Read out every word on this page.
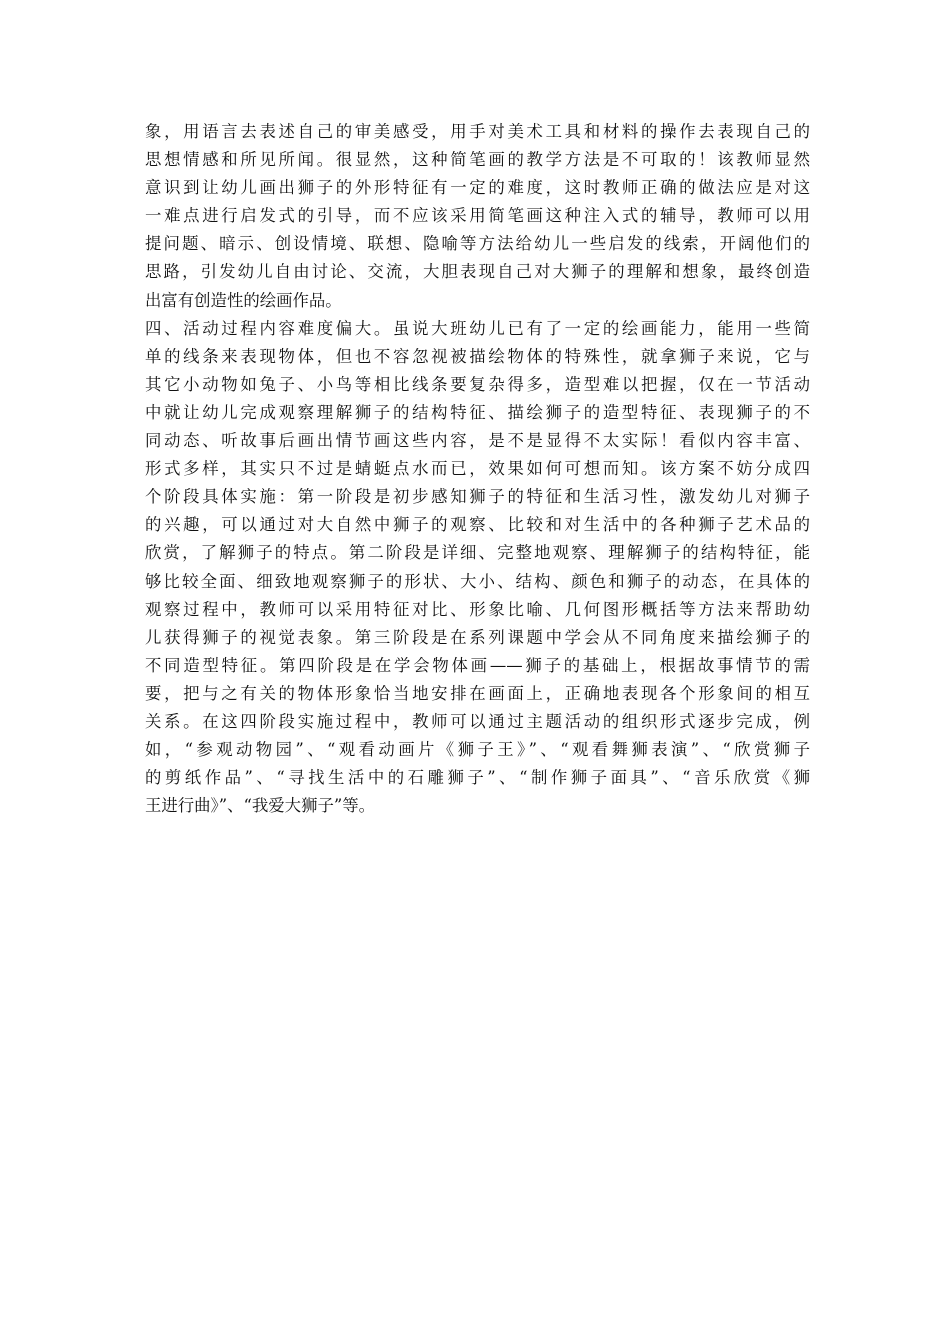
象，用语言去表述自己的审美感受，用手对美术工具和材料的操作去表现自己的
思想情感和所见所闻。很显然，这种简笔画的教学方法是不可取的！该教师显然
意识到让幼儿画出狮子的外形特征有一定的难度，这时教师正确的做法应是对这
一难点进行启发式的引导，而不应该采用简笔画这种注入式的辅导，教师可以用
提问题、暗示、创设情境、联想、隐喻等方法给幼儿一些启发的线索，开阔他们的
思路，引发幼儿自由讨论、交流，大胆表现自己对大狮子的理解和想象，最终创造
出富有创造性的绘画作品。
四、活动过程内容难度偏大。虽说大班幼儿已有了一定的绘画能力，能用一些简
单的线条来表现物体，但也不容忽视被描绘物体的特殊性，就拿狮子来说，它与
其它小动物如兔子、小鸟等相比线条要复杂得多，造型难以把握，仅在一节活动
中就让幼儿完成观察理解狮子的结构特征、描绘狮子的造型特征、表现狮子的不
同动态、听故事后画出情节画这些内容，是不是显得不太实际！看似内容丰富、
形式多样，其实只不过是蜻蜓点水而已，效果如何可想而知。该方案不妨分成四
个阶段具体实施：第一阶段是初步感知狮子的特征和生活习性，激发幼儿对狮子
的兴趣，可以通过对大自然中狮子的观察、比较和对生活中的各种狮子艺术品的
欣赏，了解狮子的特点。第二阶段是详细、完整地观察、理解狮子的结构特征，能
够比较全面、细致地观察狮子的形状、大小、结构、颜色和狮子的动态，在具体的
观察过程中，教师可以采用特征对比、形象比喻、几何图形概括等方法来帮助幼
儿获得狮子的视觉表象。第三阶段是在系列课题中学会从不同角度来描绘狮子的
不同造型特征。第四阶段是在学会物体画——狮子的基础上，根据故事情节的需
要，把与之有关的物体形象恰当地安排在画面上，正确地表现各个形象间的相互
关系。在这四阶段实施过程中，教师可以通过主题活动的组织形式逐步完成，例
如，“参观动物园”、“观看动画片《狮子王》”、“观看舞狮表演”、“欣赏狮子
的剪纸作品”、“寻找生活中的石雕狮子”、“制作狮子面具”、“音乐欣赏《狮
王进行曲》”、“我爱大狮子”等。
